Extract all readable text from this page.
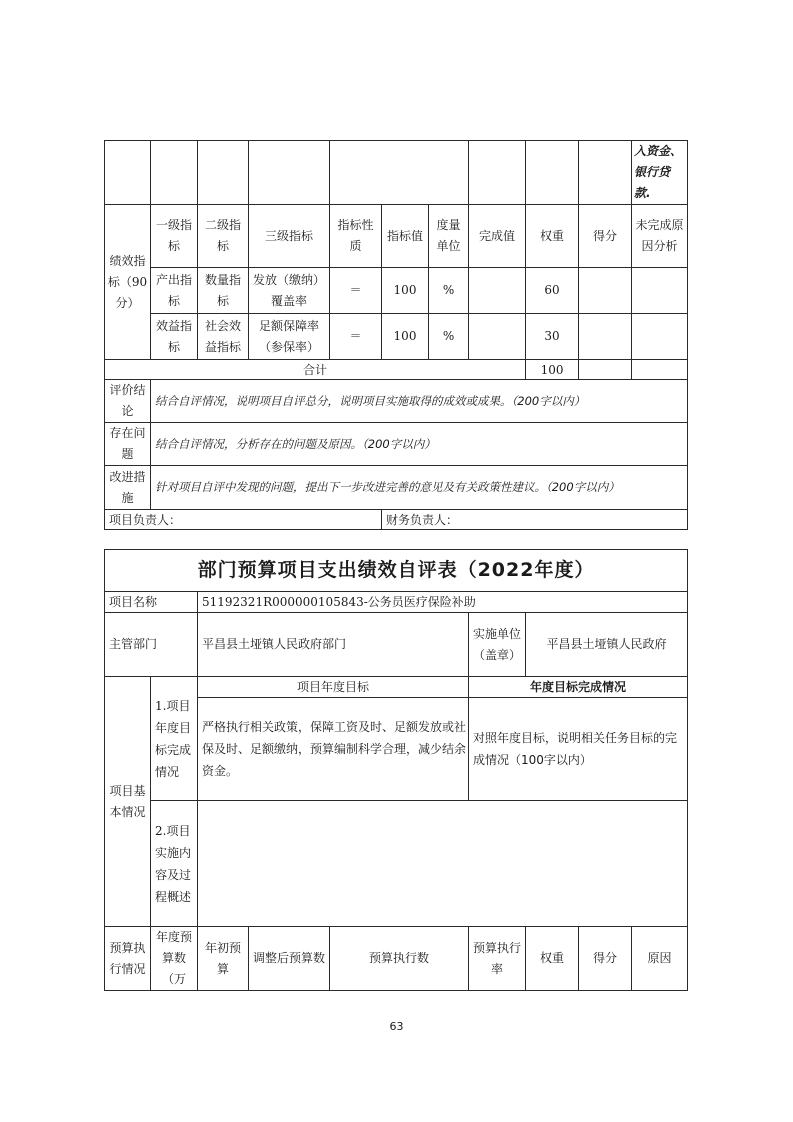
										入资金、银行贷款.
绩效指标（90分）	一级指标	二级指标	三级指标	指标性质	指标值	度量单位	完成值	权重	得分	未完成原因分析
	产出指标	数量指标	发放（缴纳）覆盖率	＝	100	%		60		
	效益指标	社会效益指标	足额保障率（参保率）	＝	100	%		30		
合计								100		
评价结论	结合自评情况，说明项目自评总分，说明项目实施取得的成效或成果。（200字以内）									
存在问题	结合自评情况，分析存在的问题及原因。（200字以内）									
改进措施	针对项目自评中发现的问题，提出下一步改进完善的意见及有关政策性建议。（200字以内）									
项目负责人：					财务负责人：					
部门预算项目支出绩效自评表（2022年度）								
项目名称		51192321R000000105843-公务员医疗保险补助						
主管部门		平昌县土垭镇人民政府部门			实施单位（盖章）	平昌县土垭镇人民政府		
项目基本情况	1.项目年度目标完成情况	项目年度目标			年度目标完成情况			
		严格执行相关政策，保障工资及时、足额发放或社保及时、足额缴纳，预算编制科学合理，减少结余资金。			对照年度目标，说明相关任务目标的完成情况（100字以内）			
	2.项目实施内容及过程概述							
预算执行情况	年度预算数（万	年初预算	调整后预算数	预算执行数	预算执行率	权重	得分	原因
63
